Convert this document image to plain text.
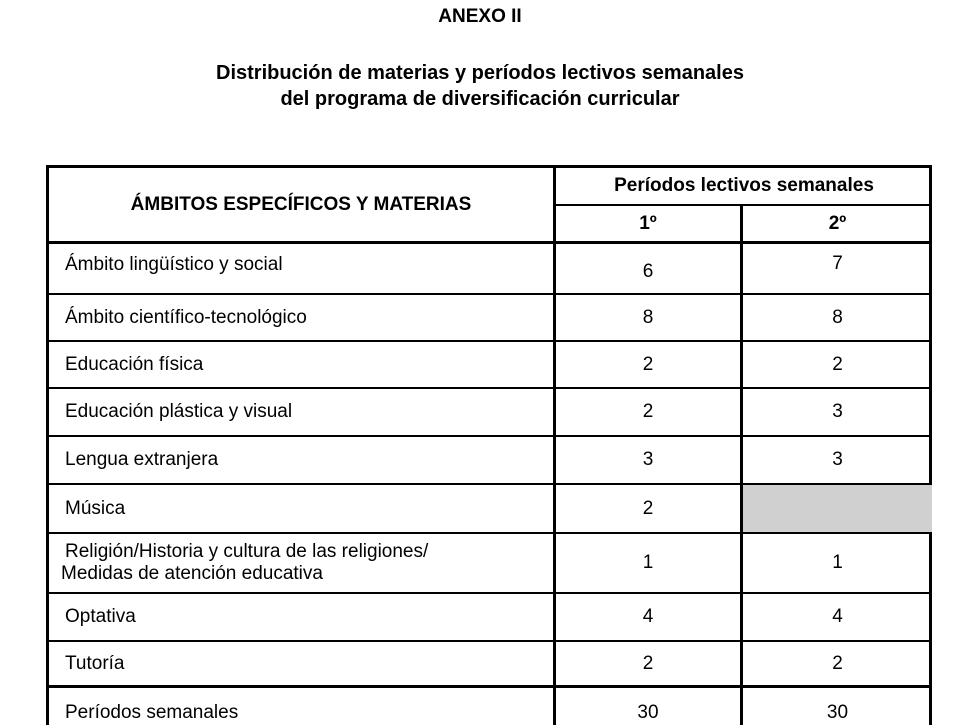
ANEXO II
Distribución de materias y períodos lectivos semanales
del programa de diversificación curricular
ÁMBITOS ESPECÍFICOS Y MATERIAS
Períodos lectivos semanales
1º	2º
Ámbito lingüístico y social	6	7
Ámbito científico-tecnológico	8	8
Educación física	2	2
Educación plástica y visual	2	3
Lengua extranjera	3	3
Música	2
Religión/Historia y cultura de las religiones/
Medidas de atención educativa
1	1
Optativa	4	4
Tutoría	2	2
Períodos semanales	30	30
